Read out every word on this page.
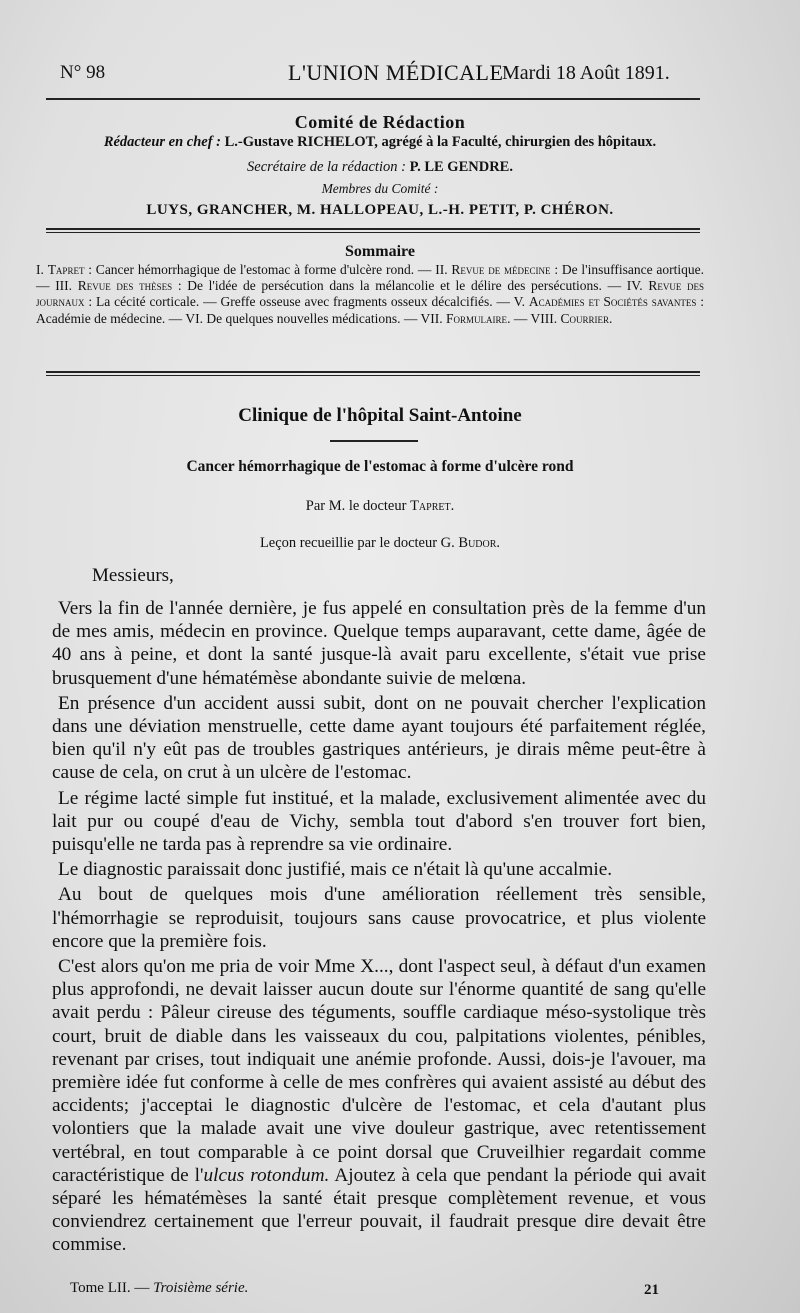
N° 98	L'UNION MÉDICALE
Mardi 18 Août 1891.
Comité de Rédaction
Rédacteur en chef : L.-Gustave RICHELOT, agrégé à la Faculté, chirurgien des hôpitaux.
Secrétaire de la rédaction : P. LE GENDRE.
Membres du Comité :
LUYS, GRANCHER, M. HALLOPEAU, L.-H. PETIT, P. CHÉRON.
Sommaire
I. Tapret : Cancer hémorrhagique de l'estomac à forme d'ulcère rond. — II. Revue de médecine : De l'insuffisance aortique. — III. Revue des thèses : De l'idée de persécution dans la mélancolie et le délire des persécutions. — IV. Revue des journaux : La cécité corticale. — Greffe osseuse avec fragments osseux décalcifiés. — V. Académies et Sociétés savantes : Académie de médecine. — VI. De quelques nouvelles médications. — VII. Formulaire. — VIII. Courrier.
Clinique de l'hôpital Saint-Antoine
Cancer hémorrhagique de l'estomac à forme d'ulcère rond
Par M. le docteur Tapret.
Leçon recueillie par le docteur G. Budor.
Messieurs,

Vers la fin de l'année dernière, je fus appelé en consultation près de la femme d'un de mes amis, médecin en province. Quelque temps auparavant, cette dame, âgée de 40 ans à peine, et dont la santé jusque-là avait paru excellente, s'était vue prise brusquement d'une hématémèse abondante suivie de melœna.

En présence d'un accident aussi subit, dont on ne pouvait chercher l'explication dans une déviation menstruelle, cette dame ayant toujours été parfaitement réglée, bien qu'il n'y eût pas de troubles gastriques antérieurs, je dirais même peut-être à cause de cela, on crut à un ulcère de l'estomac.

Le régime lacté simple fut institué, et la malade, exclusivement alimentée avec du lait pur ou coupé d'eau de Vichy, sembla tout d'abord s'en trouver fort bien, puisqu'elle ne tarda pas à reprendre sa vie ordinaire.

Le diagnostic paraissait donc justifié, mais ce n'était là qu'une accalmie.

Au bout de quelques mois d'une amélioration réellement très sensible, l'hémorrhagie se reproduisit, toujours sans cause provocatrice, et plus violente encore que la première fois.

C'est alors qu'on me pria de voir Mme X..., dont l'aspect seul, à défaut d'un examen plus approfondi, ne devait laisser aucun doute sur l'énorme quantité de sang qu'elle avait perdu : Pâleur cireuse des téguments, souffle cardiaque méso-systolique très court, bruit de diable dans les vaisseaux du cou, palpitations violentes, pénibles, revenant par crises, tout indiquait une anémie profonde. Aussi, dois-je l'avouer, ma première idée fut conforme à celle de mes confrères qui avaient assisté au début des accidents; j'acceptai le diagnostic d'ulcère de l'estomac, et cela d'autant plus volontiers que la malade avait une vive douleur gastrique, avec retentissement vertébral, en tout comparable à ce point dorsal que Cruveilhier regardait comme caractéristique de l'ulcus rotondum. Ajoutez à cela que pendant la période qui avait séparé les hématémèses la santé était presque complètement revenue, et vous conviendrez certainement que l'erreur pouvait, il faudrait presque dire devait être commise.

Tome LII. — Troisième série.	21
